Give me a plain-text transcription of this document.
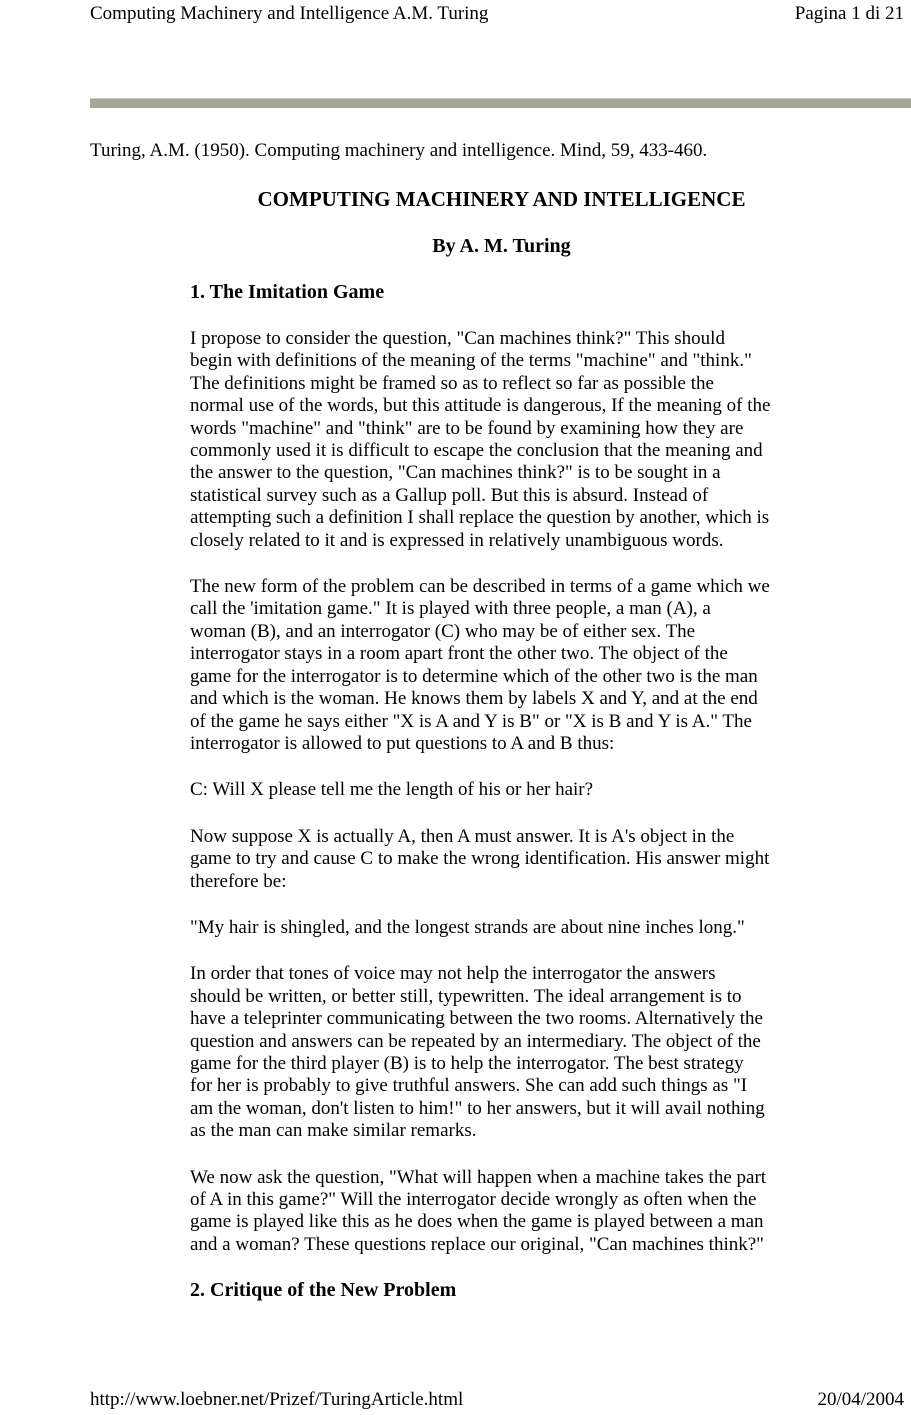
Computing Machinery and Intelligence A.M. Turing	Pagina 1 di 21
Turing, A.M. (1950). Computing machinery and intelligence. Mind, 59, 433-460.
COMPUTING MACHINERY AND INTELLIGENCE
By A. M. Turing
1. The Imitation Game
I propose to consider the question, "Can machines think?" This should
begin with definitions of the meaning of the terms "machine" and "think."
The definitions might be framed so as to reflect so far as possible the
normal use of the words, but this attitude is dangerous, If the meaning of the
words "machine" and "think" are to be found by examining how they are
commonly used it is difficult to escape the conclusion that the meaning and
the answer to the question, "Can machines think?" is to be sought in a
statistical survey such as a Gallup poll. But this is absurd. Instead of
attempting such a definition I shall replace the question by another, which is
closely related to it and is expressed in relatively unambiguous words.
The new form of the problem can be described in terms of a game which we
call the 'imitation game." It is played with three people, a man (A), a
woman (B), and an interrogator (C) who may be of either sex. The
interrogator stays in a room apart front the other two. The object of the
game for the interrogator is to determine which of the other two is the man
and which is the woman. He knows them by labels X and Y, and at the end
of the game he says either "X is A and Y is B" or "X is B and Y is A." The
interrogator is allowed to put questions to A and B thus:
C: Will X please tell me the length of his or her hair?
Now suppose X is actually A, then A must answer. It is A's object in the
game to try and cause C to make the wrong identification. His answer might
therefore be:
"My hair is shingled, and the longest strands are about nine inches long."
In order that tones of voice may not help the interrogator the answers
should be written, or better still, typewritten. The ideal arrangement is to
have a teleprinter communicating between the two rooms. Alternatively the
question and answers can be repeated by an intermediary. The object of the
game for the third player (B) is to help the interrogator. The best strategy
for her is probably to give truthful answers. She can add such things as "I
am the woman, don't listen to him!" to her answers, but it will avail nothing
as the man can make similar remarks.
We now ask the question, "What will happen when a machine takes the part
of A in this game?" Will the interrogator decide wrongly as often when the
game is played like this as he does when the game is played between a man
and a woman? These questions replace our original, "Can machines think?"
2. Critique of the New Problem
http://www.loebner.net/Prizef/TuringArticle.html	20/04/2004
